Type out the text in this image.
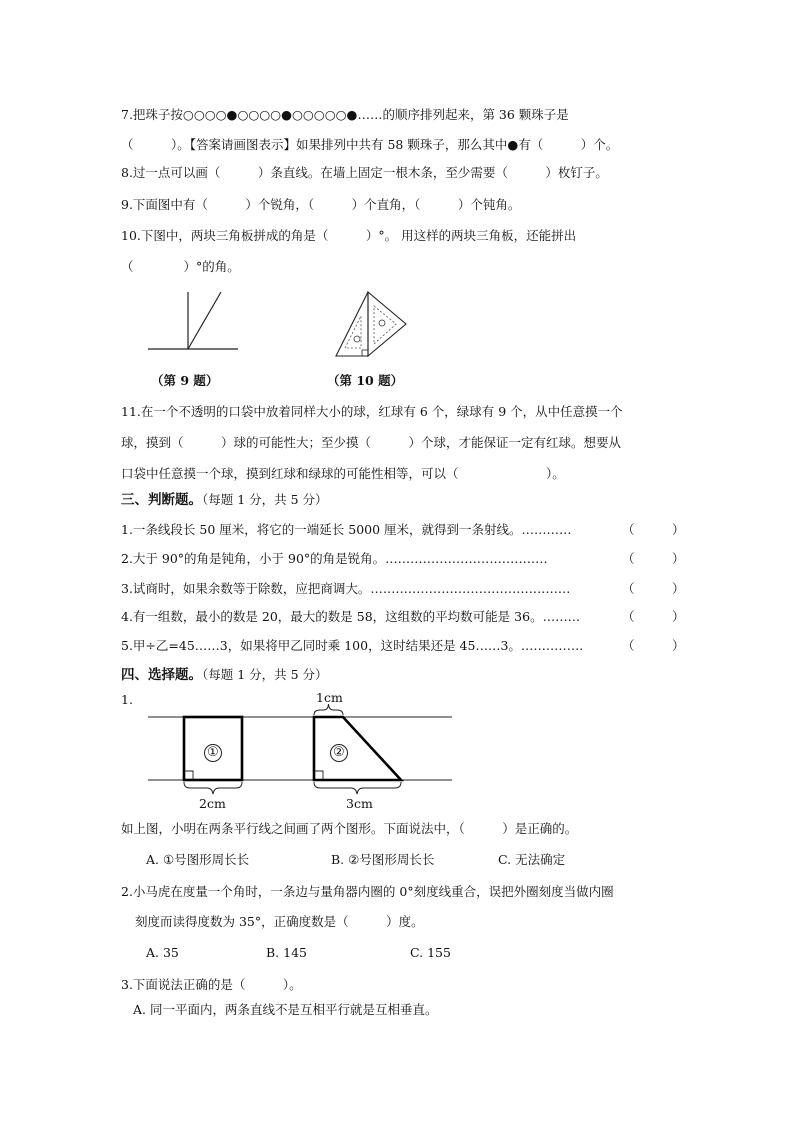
7.把珠子按○○○○●○○○○●○○○○○●……的顺序排列起来，第 36 颗珠子是
（　　　）。【答案请画图表示】如果排列中共有 58 颗珠子，那么其中●有（　　　）个。
8.过一点可以画（　　　）条直线。在墙上固定一根木条，至少需要（　　　）枚钉子。
9.下面图中有（　　　）个锐角，（　　　）个直角，（　　　）个钝角。
10.下图中，两块三角板拼成的角是（　　　）°。 用这样的两块三角板，还能拼出
（　　　　）°的角。
（第 9 题）	（第 10 题）
11.在一个不透明的口袋中放着同样大小的球，红球有 6 个，绿球有 9 个，从中任意摸一个
球，摸到（　　　）球的可能性大；至少摸（　　　）个球，才能保证一定有红球。想要从
口袋中任意摸一个球，摸到红球和绿球的可能性相等，可以（　　　　　　　）。
三、判断题。（每题 1 分，共 5 分）
1.一条线段长 50 厘米，将它的一端延长 5000 厘米，就得到一条射线。…………	（　　　）
2.大于 90°的角是钝角，小于 90°的角是锐角。…………………………………	（　　　）
3.试商时，如果余数等于除数，应把商调大。…………………………………………	（　　　）
4.有一组数，最小的数是 20，最大的数是 58，这组数的平均数可能是 36。………	（　　　）
5.甲÷乙=45……3，如果将甲乙同时乘 100，这时结果还是 45……3。……………	（　　　）
四、选择题。（每题 1 分，共 5 分）
1.
①	②
1cm
2cm	3cm
如上图，小明在两条平行线之间画了两个图形。下面说法中，（　　　）是正确的。
A. ①号图形周长长	B. ②号图形周长长	C. 无法确定
2.小马虎在度量一个角时，一条边与量角器内圈的 0°刻度线重合，误把外圈刻度当做内圈
刻度而读得度数为 35°，正确度数是（　　　）度。
A. 35	B. 145	C. 155
3.下面说法正确的是（　　　）。
A. 同一平面内，两条直线不是互相平行就是互相垂直。
